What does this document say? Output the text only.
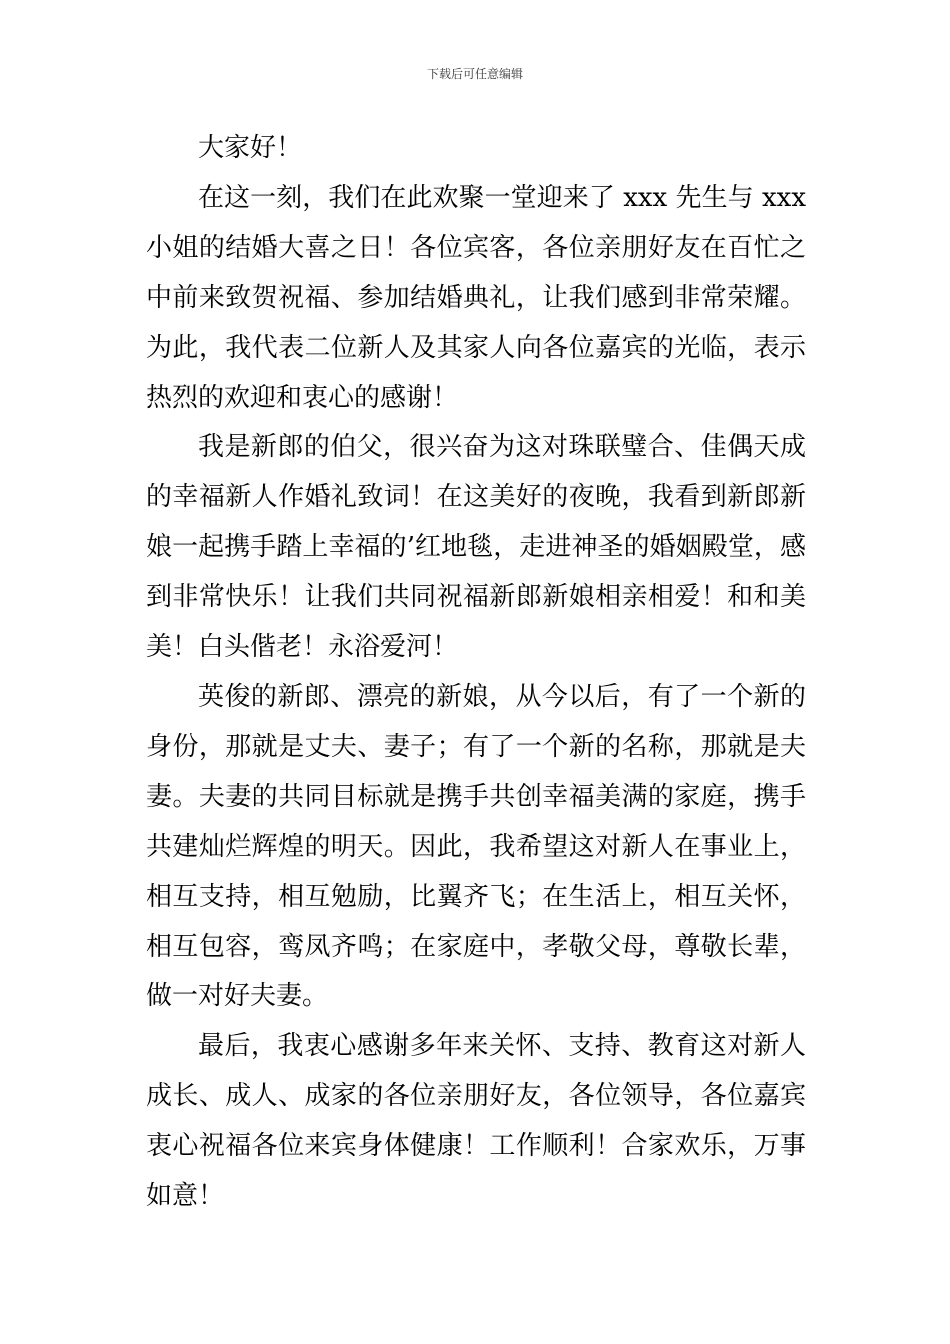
下载后可任意编辑

大家好！

在这一刻，我们在此欢聚一堂迎来了 xxx 先生与 xxx 小姐的结婚大喜之日！各位宾客，各位亲朋好友在百忙之中前来致贺祝福、参加结婚典礼，让我们感到非常荣耀。为此，我代表二位新人及其家人向各位嘉宾的光临，表示热烈的欢迎和衷心的感谢！

我是新郎的伯父，很兴奋为这对珠联璧合、佳偶天成的幸福新人作婚礼致词！在这美好的夜晚，我看到新郎新娘一起携手踏上幸福的’红地毯，走进神圣的婚姻殿堂，感到非常快乐！让我们共同祝福新郎新娘相亲相爱！和和美美！白头偕老！永浴爱河！

英俊的新郎、漂亮的新娘，从今以后，有了一个新的身份，那就是丈夫、妻子；有了一个新的名称，那就是夫妻。夫妻的共同目标就是携手共创幸福美满的家庭，携手共建灿烂辉煌的明天。因此，我希望这对新人在事业上，相互支持，相互勉励，比翼齐飞；在生活上，相互关怀，相互包容，鸾凤齐鸣；在家庭中，孝敬父母，尊敬长辈，做一对好夫妻。

最后，我衷心感谢多年来关怀、支持、教育这对新人成长、成人、成家的各位亲朋好友，各位领导，各位嘉宾衷心祝福各位来宾身体健康！工作顺利！合家欢乐，万事如意！
